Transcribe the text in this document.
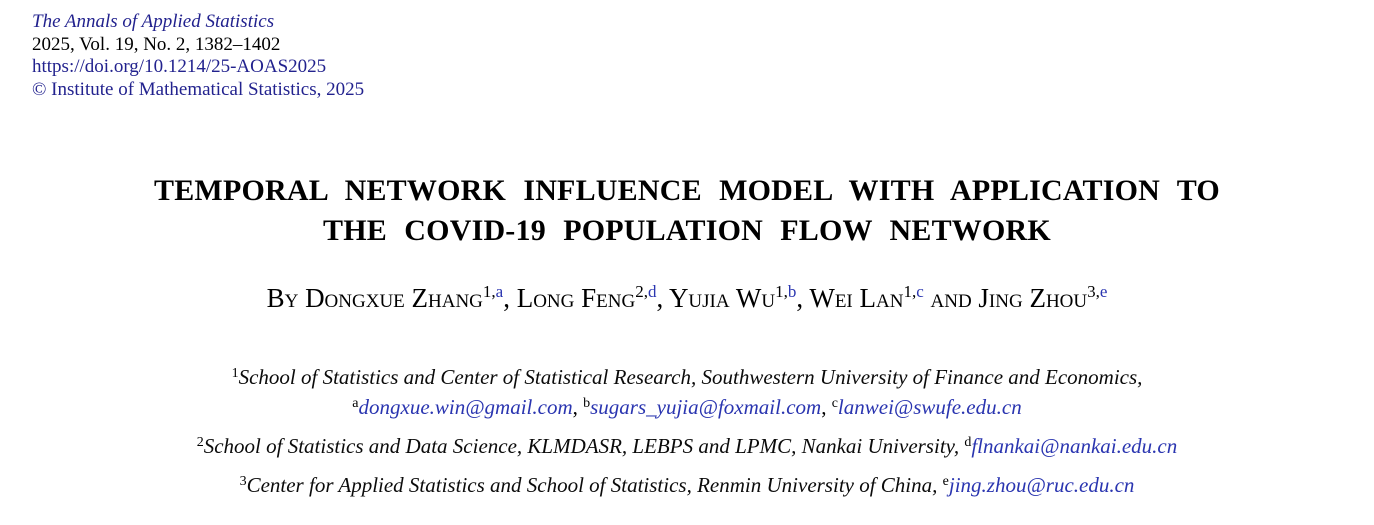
The Annals of Applied Statistics
2025, Vol. 19, No. 2, 1382–1402
https://doi.org/10.1214/25-AOAS2025
© Institute of Mathematical Statistics, 2025
TEMPORAL NETWORK INFLUENCE MODEL WITH APPLICATION TO
THE COVID-19 POPULATION FLOW NETWORK
By Dongxue Zhang$^{1,a}$, Long Feng$^{2,d}$, Yujia Wu$^{1,b}$, Wei Lan$^{1,c}$ and Jing Zhou$^{3,e}$
$^1$School of Statistics and Center of Statistical Research, Southwestern University of Finance and Economics,
$^a$dongxue.win@gmail.com, $^b$sugars_yujia@foxmail.com, $^c$lanwei@swufe.edu.cn
$^2$School of Statistics and Data Science, KLMDASR, LEBPS and LPMC, Nankai University, $^d$flnankai@nankai.edu.cn
$^3$Center for Applied Statistics and School of Statistics, Renmin University of China, $^e$jing.zhou@ruc.edu.cn
